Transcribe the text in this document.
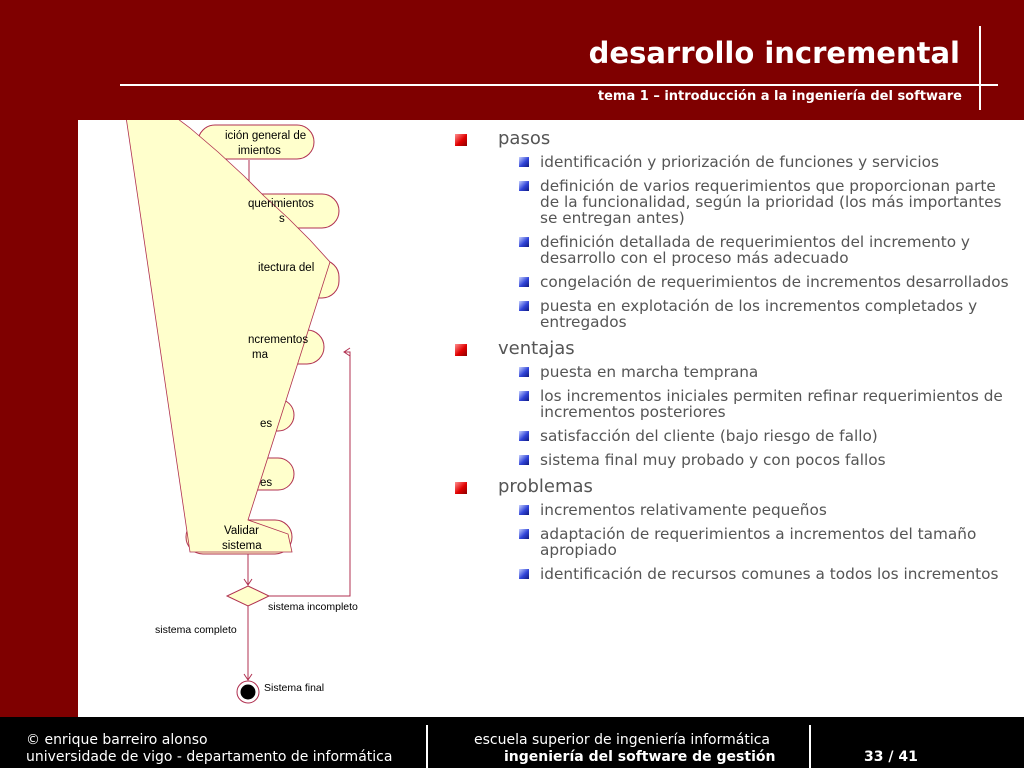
desarrollo incremental
tema 1 – introducción a la ingeniería del software
ición general de
imientos
querimientos
s
itectura del
ncrementos
ma
es
es
Validar
sistema
sistema incompleto
sistema completo
Sistema final
pasos
identificación y priorización de funciones y servicios
definición de varios requerimientos que proporcionan parte de la funcionalidad, según la prioridad (los más importantes se entregan antes)
definición detallada de requerimientos del incremento y desarrollo con el proceso más adecuado
congelación de requerimientos de incrementos desarrollados
puesta en explotación de los incrementos completados y entregados
ventajas
puesta en marcha temprana
los incrementos iniciales permiten refinar requerimientos de incrementos posteriores
satisfacción del cliente (bajo riesgo de fallo)
sistema final muy probado y con pocos fallos
problemas
incrementos relativamente pequeños
adaptación de requerimientos a incrementos del tamaño apropiado
identificación de recursos comunes a todos los incrementos
© enrique barreiro alonso
universidade de vigo - departamento de informática
escuela superior de ingeniería informática
ingeniería del software de gestión	33 / 41
